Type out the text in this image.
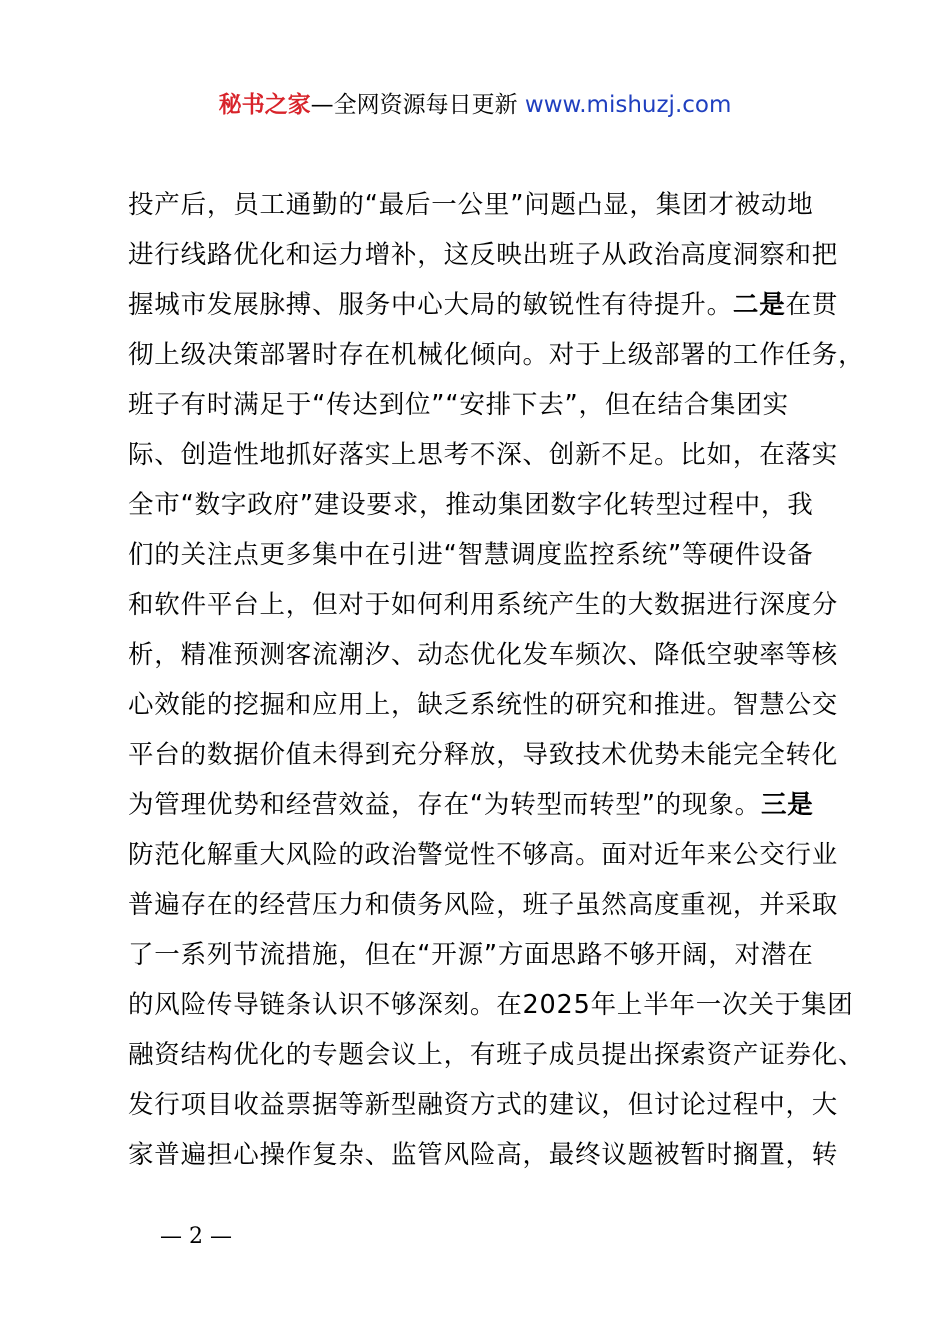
秘书之家—全网资源每日更新 www.mishuzj.com
投产后，员工通勤的“最后一公里”问题凸显，集团才被动地
进行线路优化和运力增补，这反映出班子从政治高度洞察和把
握城市发展脉搏、服务中心大局的敏锐性有待提升。二是在贯
彻上级决策部署时存在机械化倾向。对于上级部署的工作任务，
班子有时满足于“传达到位”“安排下去”，但在结合集团实
际、创造性地抓好落实上思考不深、创新不足。比如，在落实
全市“数字政府”建设要求，推动集团数字化转型过程中，我
们的关注点更多集中在引进“智慧调度监控系统”等硬件设备
和软件平台上，但对于如何利用系统产生的大数据进行深度分
析，精准预测客流潮汐、动态优化发车频次、降低空驶率等核
心效能的挖掘和应用上，缺乏系统性的研究和推进。智慧公交
平台的数据价值未得到充分释放，导致技术优势未能完全转化
为管理优势和经营效益，存在“为转型而转型”的现象。三是
防范化解重大风险的政治警觉性不够高。面对近年来公交行业
普遍存在的经营压力和债务风险，班子虽然高度重视，并采取
了一系列节流措施，但在“开源”方面思路不够开阔，对潜在
的风险传导链条认识不够深刻。在2025年上半年一次关于集团
融资结构优化的专题会议上，有班子成员提出探索资产证券化、
发行项目收益票据等新型融资方式的建议，但讨论过程中，大
家普遍担心操作复杂、监管风险高，最终议题被暂时搁置，转
— 2 —
